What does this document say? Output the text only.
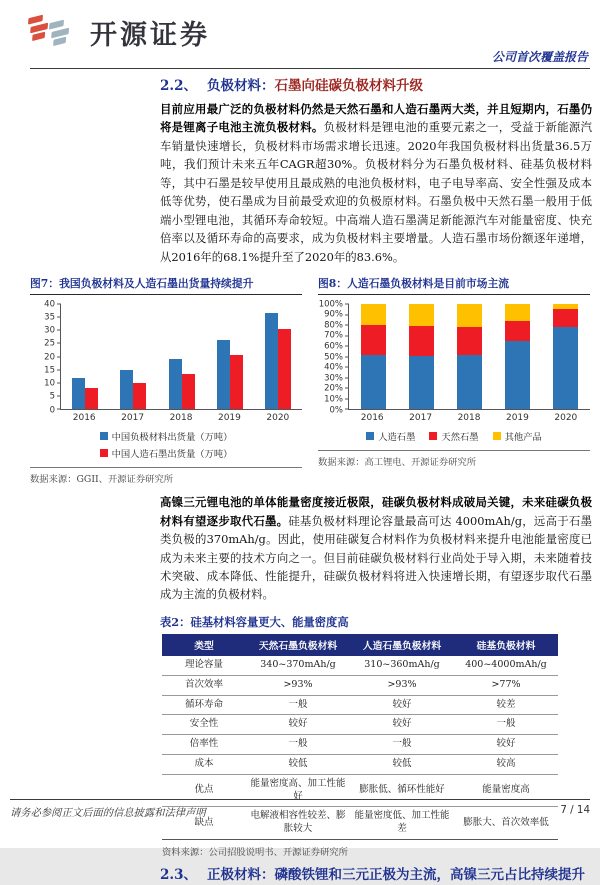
开源证券
公司首次覆盖报告
2.2、 负极材料：石墨向硅碳负极材料升级

目前应用最广泛的负极材料仍然是天然石墨和人造石墨两大类，并且短期内，石墨仍将是锂离子电池主流负极材料。负极材料是锂电池的重要元素之一，受益于新能源汽车销量快速增长，负极材料市场需求增长迅速。2020年我国负极材料出货量36.5万吨，我们预计未来五年CAGR超30%。负极材料分为石墨负极材料、硅基负极材料等，其中石墨是较早使用且最成熟的电池负极材料，电子电导率高、安全性强及成本低等优势，使石墨成为目前最受欢迎的负极原材料。石墨负极中天然石墨一般用于低端小型锂电池，其循环寿命较短。中高端人造石墨满足新能源汽车对能量密度、快充倍率以及循环寿命的高要求，成为负极材料主要增量。人造石墨市场份额逐年递增，从2016年的68.1%提升至了2020年的83.6%。

图7：我国负极材料及人造石墨出货量持续提升
0
5
10
15
20
25
30
35
40
2016	2017	2018	2019	2020
中国负极材料出货量（万吨）
中国人造石墨出货量（万吨）
数据来源：GGII、开源证券研究所
图8：人造石墨负极材料是目前市场主流
0%
10%
20%
30%
40%
50%
60%
70%
80%
90%
100%
2016	2017	2018	2019	2020
人造石墨	天然石墨	其他产品
数据来源：高工锂电、开源证券研究所

高镍三元锂电池的单体能量密度接近极限，硅碳负极材料成破局关键，未来硅碳负极材料有望逐步取代石墨。硅基负极材料理论容量最高可达 4000mAh/g，远高于石墨类负极的370mAh/g。因此，使用硅碳复合材料作为负极材料来提升电池能量密度已成为未来主要的技术方向之一。但目前硅碳负极材料行业尚处于导入期，未来随着技术突破、成本降低、性能提升，硅碳负极材料将进入快速增长期，有望逐步取代石墨成为主流的负极材料。

表2：硅基材料容量更大、能量密度高
类型	天然石墨负极材料	人造石墨负极材料	硅基负极材料
理论容量	340~370mAh/g	310~360mAh/g	400~4000mAh/g
首次效率	>93%	>93%	>77%
循环寿命	一般	较好	较差
安全性	较好	较好	一般
倍率性	一般	一般	较好
成本	较低	较低	较高
优点	能量密度高、加工性能好	膨胀低、循环性能好	能量密度高
缺点	电解液相容性较差、膨胀较大	能量密度低、加工性能差	膨胀大、首次效率低
资料来源：公司招股说明书、开源证券研究所
2.3、 正极材料：磷酸铁锂和三元正极为主流，高镍三元占比持续提升
请务必参阅正文后面的信息披露和法律声明	7 / 14
